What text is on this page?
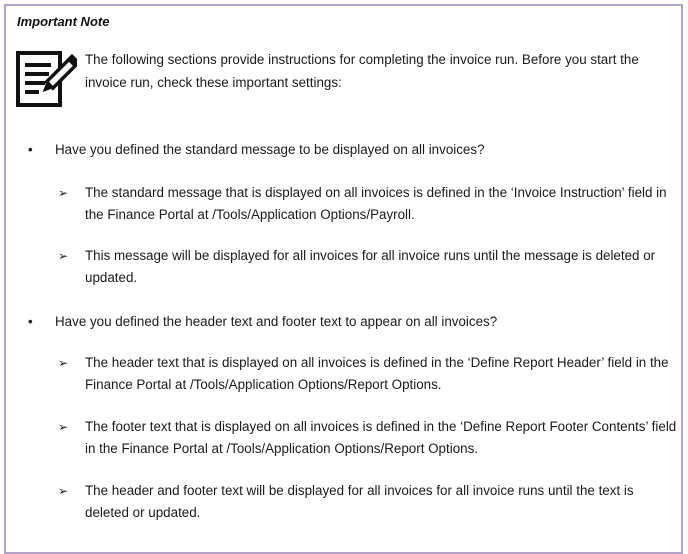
Important Note
The following sections provide instructions for completing the invoice run. Before you start the invoice run, check these important settings:
•	Have you defined the standard message to be displayed on all invoices?
➢ The standard message that is displayed on all invoices is defined in the ‘Invoice Instruction’ field in the Finance Portal at /Tools/Application Options/Payroll.
➢ This message will be displayed for all invoices for all invoice runs until the message is deleted or updated.
•	Have you defined the header text and footer text to appear on all invoices?
➢ The header text that is displayed on all invoices is defined in the ‘Define Report Header’ field in the Finance Portal at /Tools/Application Options/Report Options.
➢ The footer text that is displayed on all invoices is defined in the ‘Define Report Footer Contents’ field in the Finance Portal at /Tools/Application Options/Report Options.
➢ The header and footer text will be displayed for all invoices for all invoice runs until the text is deleted or updated.
